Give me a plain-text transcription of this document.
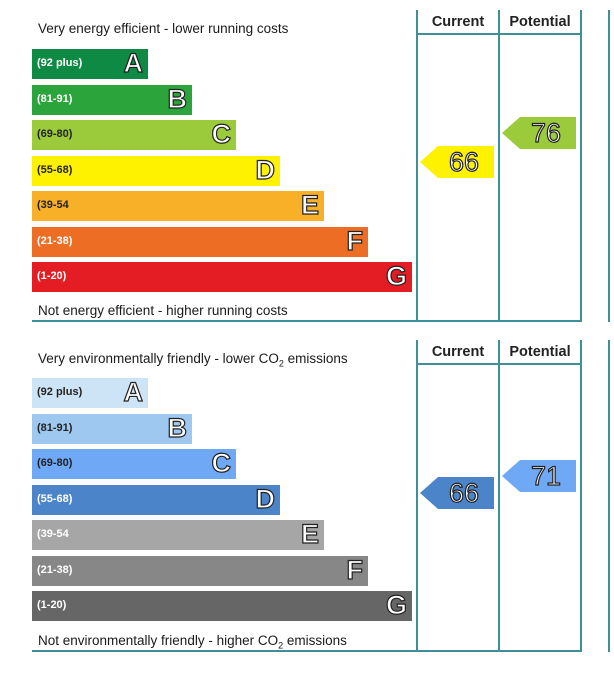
Current	Potential
Very energy efficient - lower running costs
Not energy efficient - higher running costs
(92 plus) A
(81-91)	B
(69-80)	C
(55-68)	D
(39-54	E
(21-38)	F
(1-20)	G
66
76
Current	Potential
Very environmentally friendly - lower $CO_2$ emissions
Not environmentally friendly - higher $CO_2$ emissions
(92 plus) A
(81-91)	B
(69-80)	C
(55-68)	D
(39-54	E
(21-38)	F
(1-20)	G
66
71
